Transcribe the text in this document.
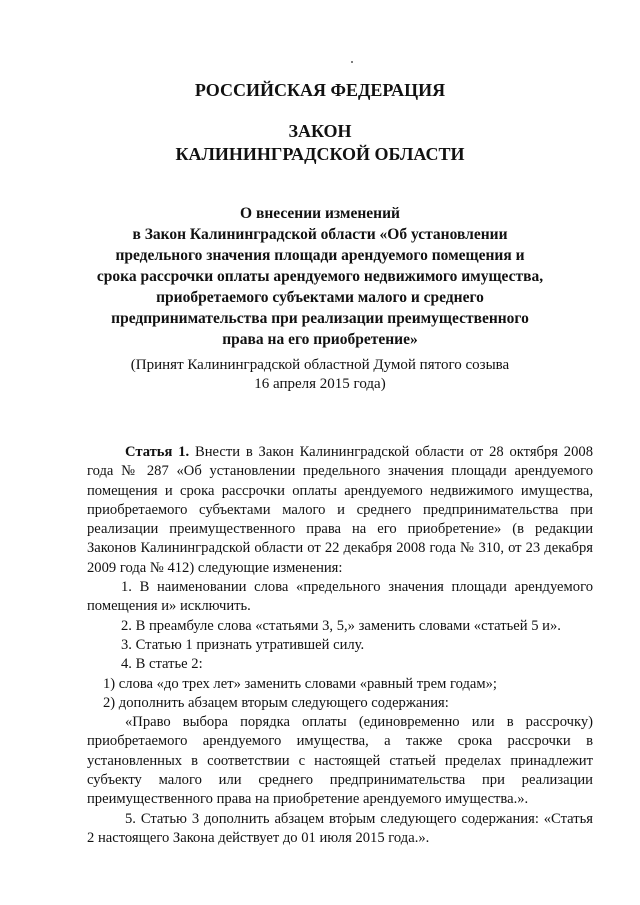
РОССИЙСКАЯ ФЕДЕРАЦИЯ
ЗАКОН
КАЛИНИНГРАДСКОЙ ОБЛАСТИ
О внесении изменений
в Закон Калининградской области «Об установлении
предельного значения площади арендуемого помещения и
срока рассрочки оплаты арендуемого недвижимого имущества,
приобретаемого субъектами малого и среднего
предпринимательства при реализации преимущественного
права на его приобретение»
(Принят Калининградской областной Думой пятого созыва
16 апреля 2015 года)

Статья 1. Внести в Закон Калининградской области от 28 октября 2008 года № 287 «Об установлении предельного значения площади арендуемого помещения и срока рассрочки оплаты арендуемого недвижимого имущества, приобретаемого субъектами малого и среднего предпринимательства при реализации преимущественного права на его приобретение» (в редакции Законов Калининградской области от 22 декабря 2008 года № 310, от 23 декабря 2009 года № 412) следующие изменения:

1. В наименовании слова «предельного значения площади арендуемого помещения и» исключить.

2. В преамбуле слова «статьями 3, 5,» заменить словами «статьей 5 и».

3. Статью 1 признать утратившей силу.

4. В статье 2:

1) слова «до трех лет» заменить словами «равный трем годам»;

2) дополнить абзацем вторым следующего содержания:

«Право выбора порядка оплаты (единовременно или в рассрочку) приобретаемого арендуемого имущества, а также срока рассрочки в установленных в соответствии с настоящей статьей пределах принадлежит субъекту малого или среднего предпринимательства при реализации преимущественного права на приобретение арендуемого имущества.».

5. Статью 3 дополнить абзацем вторым следующего содержания: «Статья 2 настоящего Закона действует до 01 июля 2015 года.».
